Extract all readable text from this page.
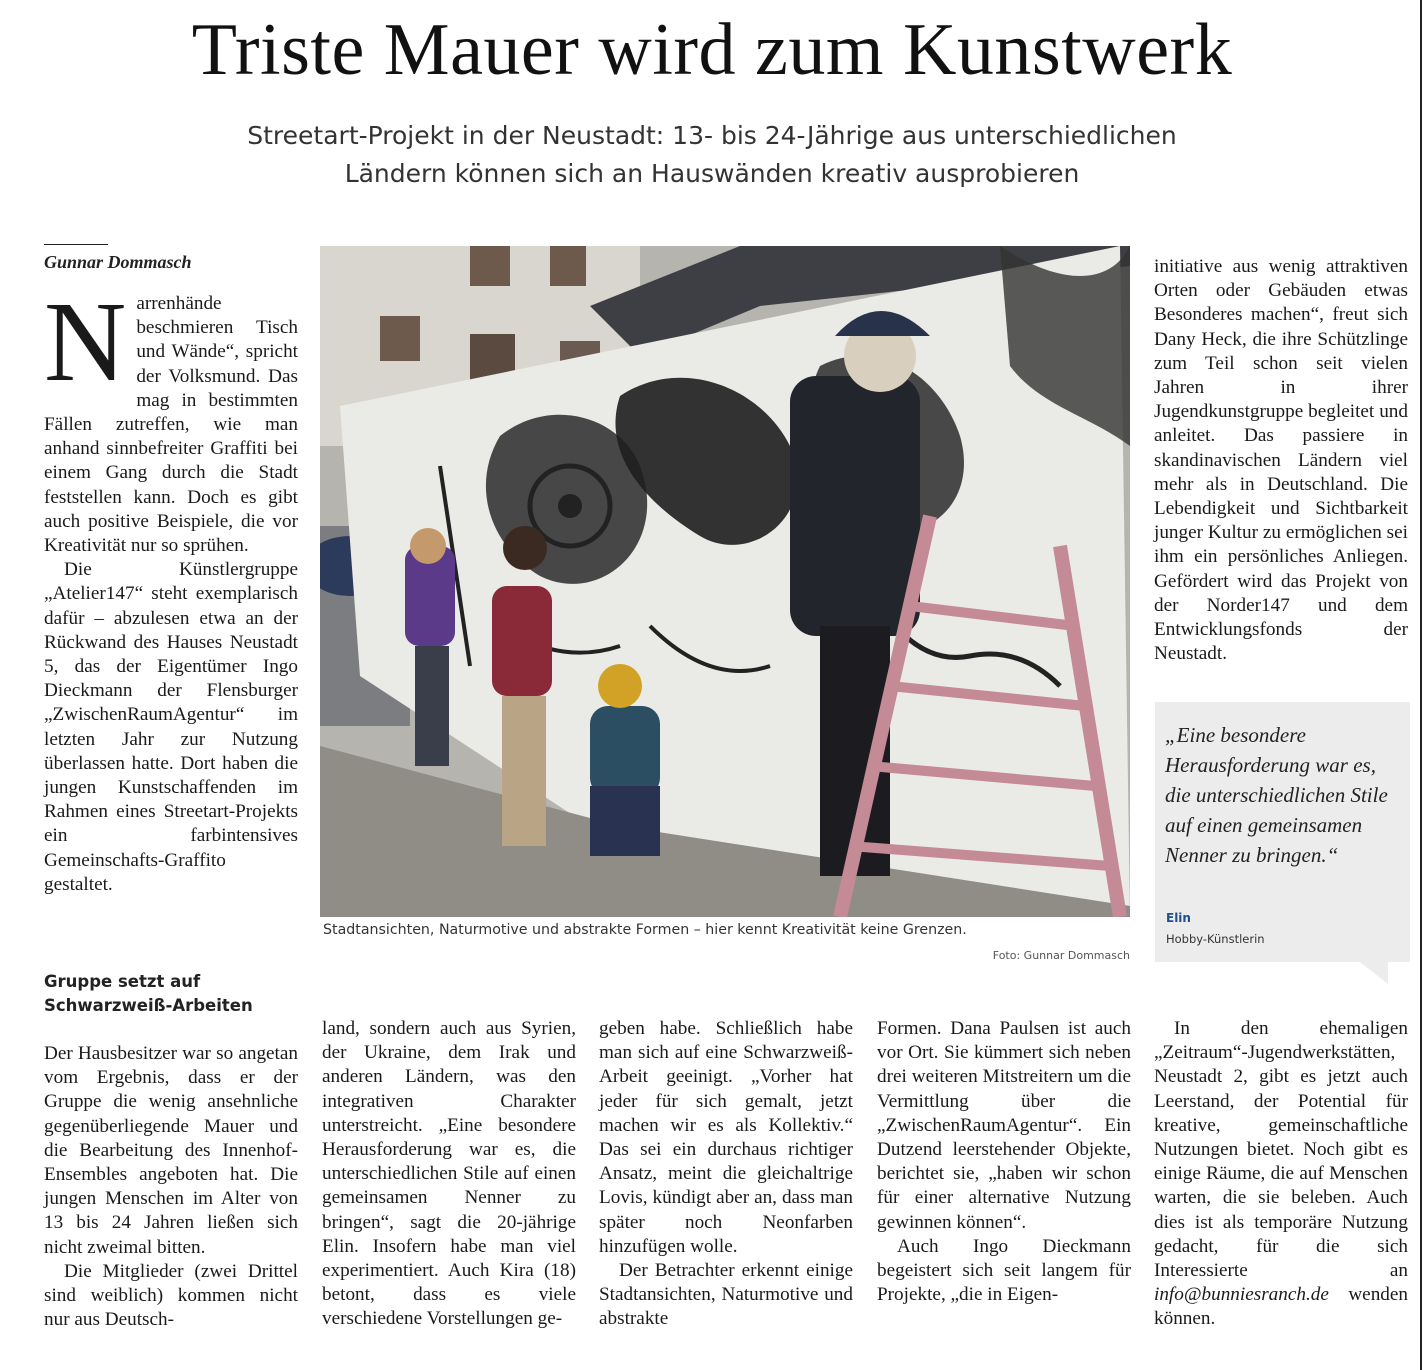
Triste Mauer wird zum Kunstwerk
Streetart-Projekt in der Neustadt: 13- bis 24-Jährige aus unterschiedlichen
Ländern können sich an Hauswänden kreativ ausprobieren
Gunnar Dommasch

Narrenhände beschmieren Tisch und Wände“, spricht der Volksmund. Das mag in bestimmten Fällen zutreffen, wie man anhand sinnbefreiter Graffiti bei einem Gang durch die Stadt feststellen kann. Doch es gibt auch positive Beispiele, die vor Kreativität nur so sprühen.

Die Künstlergruppe „Atelier147“ steht exemplarisch dafür – abzulesen etwa an der Rückwand des Hauses Neustadt 5, das der Eigentümer Ingo Dieckmann der Flensburger „ZwischenRaumAgentur“ im letzten Jahr zur Nutzung überlassen hatte. Dort haben die jungen Kunstschaffenden im Rahmen eines Streetart-Projekts ein farbintensives Gemeinschafts-Graffito gestaltet.

Gruppe setzt auf Schwarzweiß-Arbeiten

Der Hausbesitzer war so angetan vom Ergebnis, dass er der Gruppe die wenig ansehnliche gegenüberliegende Mauer und die Bearbeitung des Innenhof-Ensembles angeboten hat. Die jungen Menschen im Alter von 13 bis 24 Jahren ließen sich nicht zweimal bitten.

Die Mitglieder (zwei Drittel sind weiblich) kommen nicht nur aus Deutsch-

Stadtansichten, Naturmotive und abstrakte Formen – hier kennt Kreativität keine Grenzen.
Foto: Gunnar Dommasch

land, sondern auch aus Syrien, der Ukraine, dem Irak und anderen Ländern, was den integrativen Charakter unterstreicht. „Eine besondere Herausforderung war es, die unterschiedlichen Stile auf einen gemeinsamen Nenner zu bringen“, sagt die 20-jährige Elin. Insofern habe man viel experimentiert. Auch Kira (18) betont, dass es viele verschiedene Vorstellungen ge-

geben habe. Schließlich habe man sich auf eine Schwarzweiß-Arbeit geeinigt. „Vorher hat jeder für sich gemalt, jetzt machen wir es als Kollektiv.“ Das sei ein durchaus richtiger Ansatz, meint die gleichaltrige Lovis, kündigt aber an, dass man später noch Neonfarben hinzufügen wolle.

Der Betrachter erkennt einige Stadtansichten, Naturmotive und abstrakte

Formen. Dana Paulsen ist auch vor Ort. Sie kümmert sich neben drei weiteren Mitstreitern um die Vermittlung über die „ZwischenRaumAgentur“. Ein Dutzend leerstehender Objekte, berichtet sie, „haben wir schon für einer alternative Nutzung gewinnen können“.

Auch Ingo Dieckmann begeistert sich seit langem für Projekte, „die in Eigen-

initiative aus wenig attraktiven Orten oder Gebäuden etwas Besonderes machen“, freut sich Dany Heck, die ihre Schützlinge zum Teil schon seit vielen Jahren in ihrer Jugendkunstgruppe begleitet und anleitet. Das passiere in skandinavischen Ländern viel mehr als in Deutschland. Die Lebendigkeit und Sichtbarkeit junger Kultur zu ermöglichen sei ihm ein persönliches Anliegen. Gefördert wird das Projekt von der Norder147 und dem Entwicklungsfonds der Neustadt.

„Eine besondere Herausforderung war es, die unterschiedlichen Stile auf einen gemeinsamen Nenner zu bringen.“
Elin
Hobby-Künstlerin

In den ehemaligen „Zeitraum“-Jugendwerkstätten, Neustadt 2, gibt es jetzt auch Leerstand, der Potential für kreative, gemeinschaftliche Nutzungen bietet. Noch gibt es einige Räume, die auf Menschen warten, die sie beleben. Auch dies ist als temporäre Nutzung gedacht, für die sich Interessierte an info@bunniesranch.de wenden können.
